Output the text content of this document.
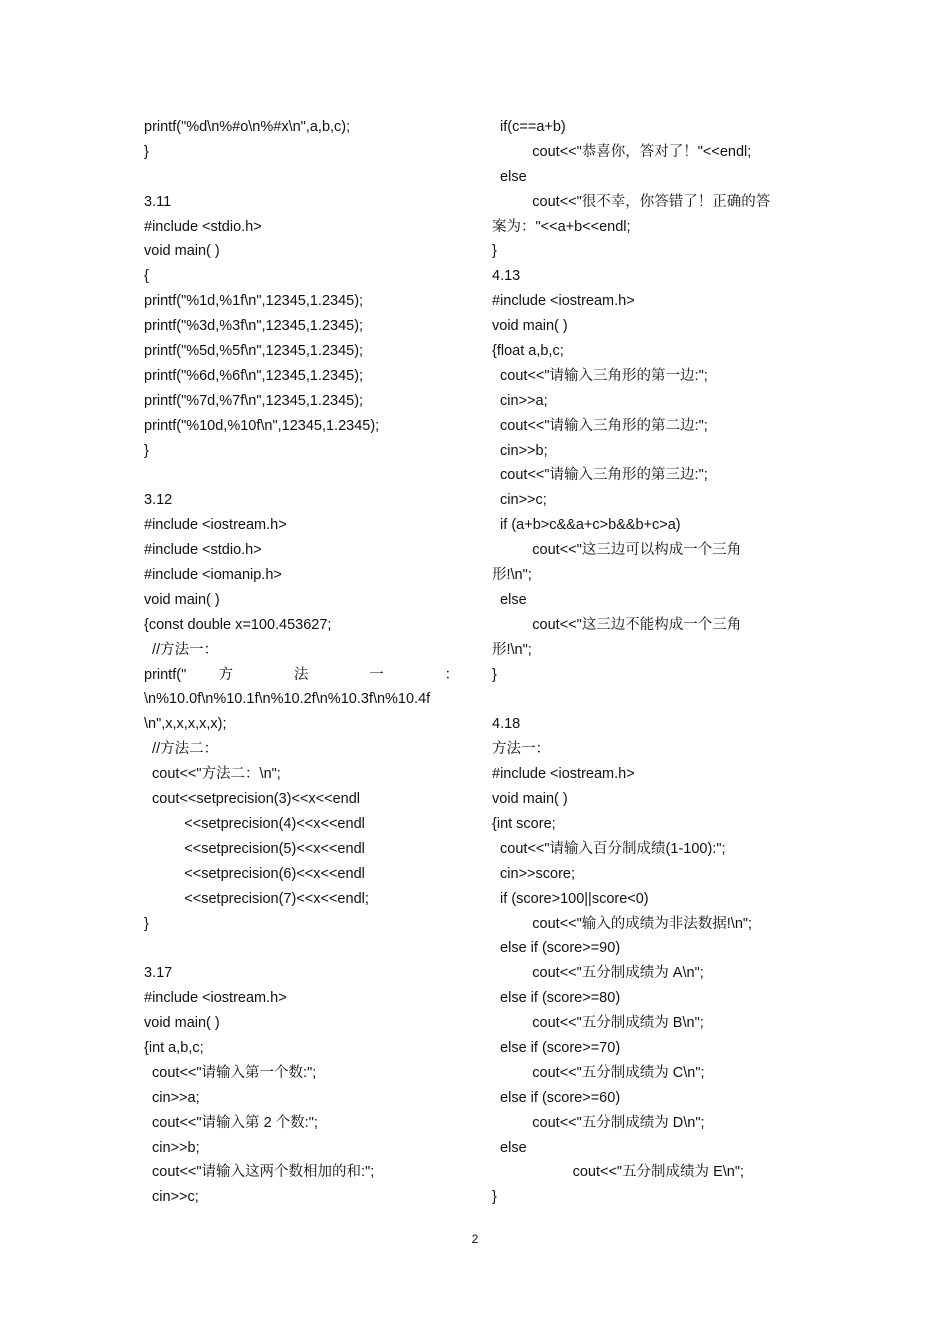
printf("%d\n%#o\n%#x\n",a,b,c);
}
3.11
#include <stdio.h>
void main( )
{
printf("%1d,%1f\n",12345,1.2345);
printf("%3d,%3f\n",12345,1.2345);
printf("%5d,%5f\n",12345,1.2345);
printf("%6d,%6f\n",12345,1.2345);
printf("%7d,%7f\n",12345,1.2345);
printf("%10d,%10f\n",12345,1.2345);
}
3.12
#include <iostream.h>
#include <stdio.h>
#include <iomanip.h>
void main( )
{const double x=100.453627;
//方法一：
printf(" 方 法 一 ：
\n%10.0f\n%10.1f\n%10.2f\n%10.3f\n%10.4f
\n",x,x,x,x,x);
//方法二：
cout<<"方法二：\n";
cout<<setprecision(3)<<x<<endl
<<setprecision(4)<<x<<endl
<<setprecision(5)<<x<<endl
<<setprecision(6)<<x<<endl
<<setprecision(7)<<x<<endl;
}
3.17
#include <iostream.h>
void main( )
{int a,b,c;
cout<<"请输入第一个数:";
cin>>a;
cout<<"请输入第 2 个数:";
cin>>b;
cout<<"请输入这两个数相加的和:";
cin>>c;
if(c==a+b)
cout<<"恭喜你，答对了！"<<endl;
else
cout<<"很不幸，你答错了！正确的答
案为："<<a+b<<endl;
}
4.13
#include <iostream.h>
void main( )
{float a,b,c;
cout<<"请输入三角形的第一边:";
cin>>a;
cout<<"请输入三角形的第二边:";
cin>>b;
cout<<"请输入三角形的第三边:";
cin>>c;
if (a+b>c&&a+c>b&&b+c>a)
cout<<"这三边可以构成一个三角
形!\n";
else
cout<<"这三边不能构成一个三角
形!\n";
}
4.18
方法一：
#include <iostream.h>
void main( )
{int score;
cout<<"请输入百分制成绩(1-100):";
cin>>score;
if (score>100||score<0)
cout<<"输入的成绩为非法数据!\n";
else if (score>=90)
cout<<"五分制成绩为 A\n";
else if (score>=80)
cout<<"五分制成绩为 B\n";
else if (score>=70)
cout<<"五分制成绩为 C\n";
else if (score>=60)
cout<<"五分制成绩为 D\n";
else
cout<<"五分制成绩为 E\n";
}
2
